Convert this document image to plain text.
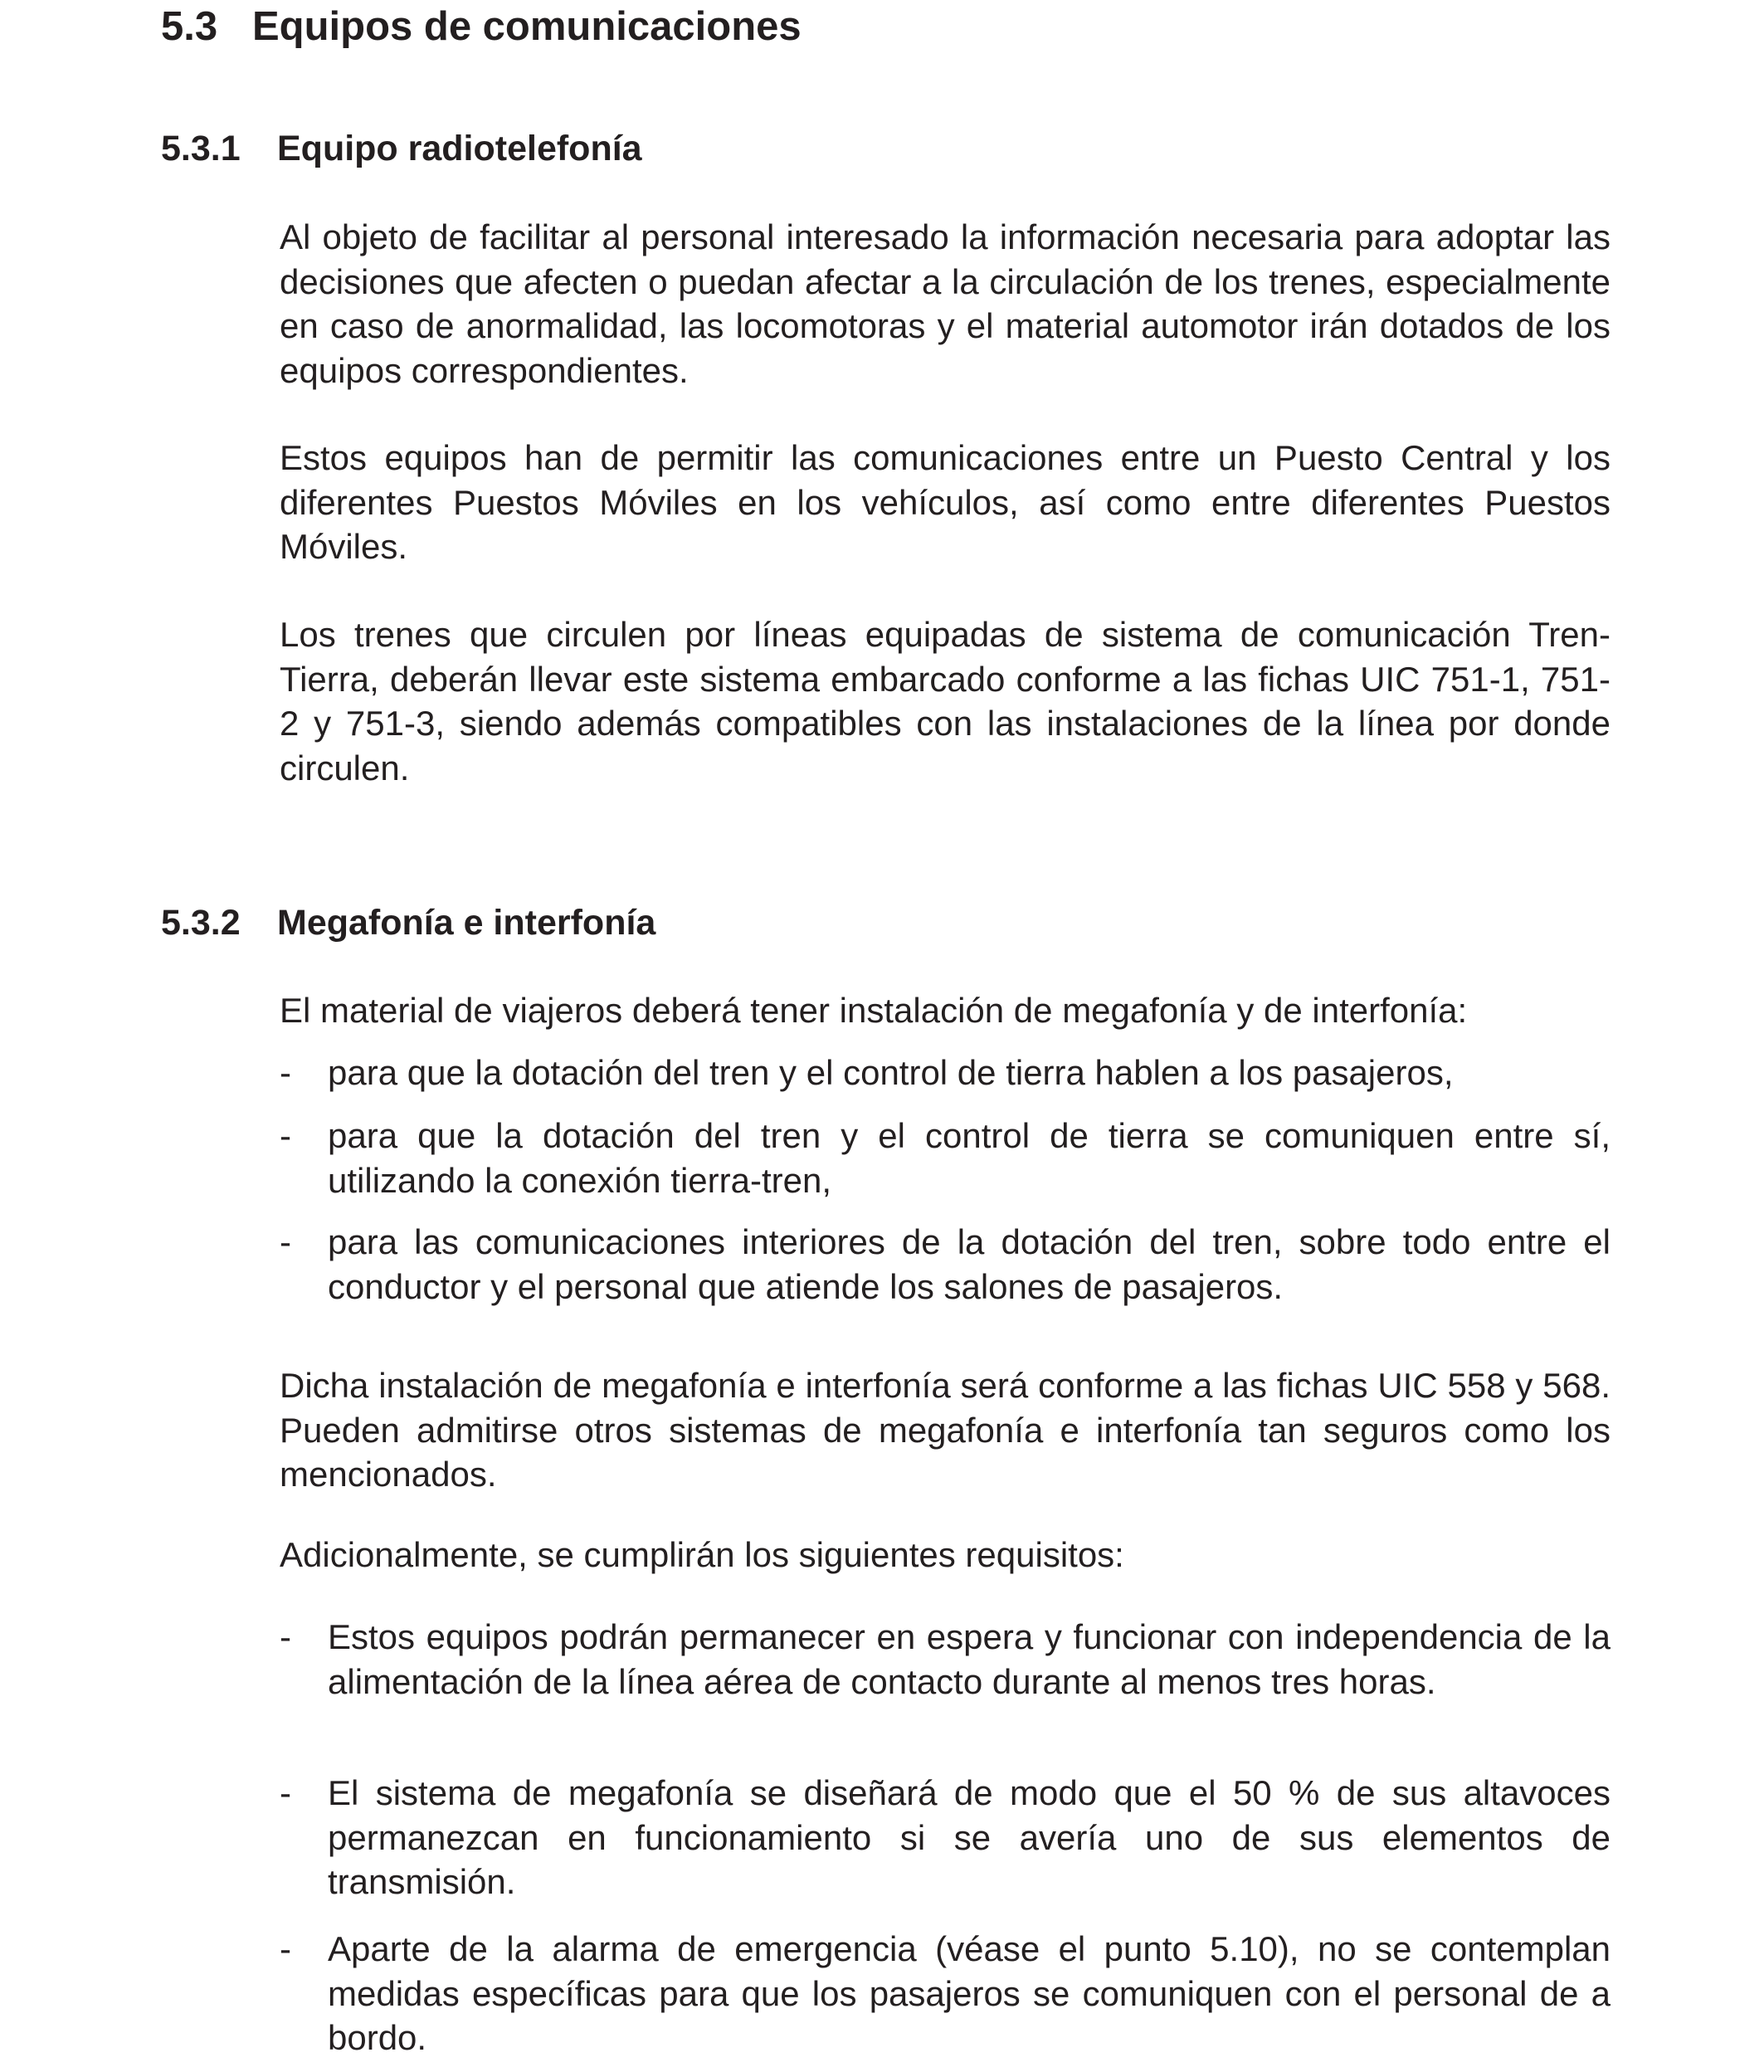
5.3 Equipos de comunicaciones
5.3.1 Equipo radiotelefonía

Al objeto de facilitar al personal interesado la información necesaria para adoptar las decisiones que afecten o puedan afectar a la circulación de los trenes, especialmente en caso de anormalidad, las locomotoras y el material automotor irán dotados de los equipos correspondientes.

Estos equipos han de permitir las comunicaciones entre un Puesto Central y los diferentes Puestos Móviles en los vehículos, así como entre diferentes Puestos Móviles.

Los trenes que circulen por líneas equipadas de sistema de comunicación Tren-Tierra, deberán llevar este sistema embarcado conforme a las fichas UIC 751-1, 751-2 y 751-3, siendo además compatibles con las instalaciones de la línea por donde circulen.

5.3.2 Megafonía e interfonía

El material de viajeros deberá tener instalación de megafonía y de interfonía:

- para que la dotación del tren y el control de tierra hablen a los pasajeros,
- para que la dotación del tren y el control de tierra se comuniquen entre sí, utilizando la conexión tierra-tren,
- para las comunicaciones interiores de la dotación del tren, sobre todo entre el conductor y el personal que atiende los salones de pasajeros.

Dicha instalación de megafonía e interfonía será conforme a las fichas UIC 558 y 568. Pueden admitirse otros sistemas de megafonía e interfonía tan seguros como los mencionados.

Adicionalmente, se cumplirán los siguientes requisitos:

- Estos equipos podrán permanecer en espera y funcionar con independencia de la alimentación de la línea aérea de contacto durante al menos tres horas.
- El sistema de megafonía se diseñará de modo que el 50 % de sus altavoces permanezcan en funcionamiento si se avería uno de sus elementos de transmisión.
- Aparte de la alarma de emergencia (véase el punto 5.10), no se contemplan medidas específicas para que los pasajeros se comuniquen con el personal de a bordo.
